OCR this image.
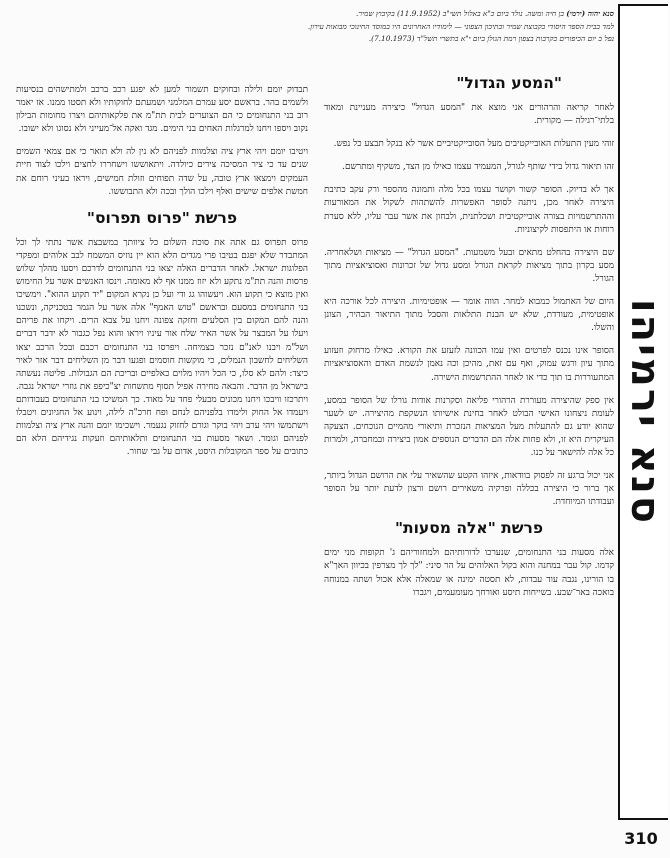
סנא יהוה (ירמי) בן חיה ומשה. נולד ביום כ"א באלול תשי"ב (11.9.1952) בקיבוץ שמיר.
למד בבית הספר היסודי בקבוצת שמיר ובתיכון הצפוני — לימודיו האחרונים היו במוסד החינוכי מבואות עירון.
נפל ב יום הכיפורים בקרבות בצפון רמת הגולן ביום י"א בתשרי תשל"ד (7.10.1973).
סנא ירמיהו
"המסע הגדול"

לאחר קריאה והרהורים אני מוצא את "המסע הגדול" כיצירה מעניינת ומאוד בלתי־רגילה — מקורית.

זוהי מעין התעלות האובייקטיבים מעל הסובייקטיביים אשר לא בנקל תבצע כל נפש.

זהו תיאור גדול בידי שותף לגורל, המעמיד עצמו כאילו מן הצד, משקיף ומתרשם.

אך לא בדיוק. הסופר קשור וקושר עצמו בכל מלה ותמונה מהספר ורק עקב כתיבת היצירה לאחר מכן, ניתנה לסופר האפשרות להשתהות לשקול את המאורעות וההתרשמויות בצורה אובייקטיבית ושכלתנית, ולבחון את אשר עבר עליו, ללא סערת רוחות או היתפסות לקיצוניות.

שם היצירה בהחלט מתאים ובעל משמעות. "המסע הגדול" — מציאות ושלאחריה. מסע בקרון בתוך מציאות לקראת הגורל ומסע גדול של זכרונות ואסוציאציות מתוך הגורל.

היום של האתמול כמבוא למחר. הווה אומר — אופטימיות. היצירה לכל אורכה היא אופטימית, מעודדת, שלא יש הבנת התלאות והסבל מתוך התיאור הבהיר, הצונן והשלו.

הסופר אינו נכנס לפרטים ואין עמו הכוונה לזעזע את הקורא. כאילו מרחוק וזעזוע מתוך עיון ורגש עמוק, ואף עם זאת, מהיכן וכה נאמן לנשמת האדם והאסוציאציות המתעוררות בו תוך כדי או לאחר ההתרשמות הישירה.

אין ספק שהיצירה מעוררת הרהורי פליאה וסקרנות אודות גורלו של הסופר במסע, לעומת ניצחונו האישי הבולט לאחר בחינת אישיותו הנשקפת מהיצירה. יש לשער שהוא יודע גם להתעלות מעל המציאות הנזכרת ותיאורי מהמיים הנוכחים. הצעקה העיקרית היא זו, ולא פחות אלה הם הדברים הנוספים אמון ביצירה ובמחברה, ולמרות כל אלה להישאר על כנו.

אני יכול ברגע זה לפסוק בוודאות, איזהו הקטע שהשאיר עלי את הרושם הגדול ביותר, אך ברור כי היצירה בכללה ופרקיה משאירים רושם ורצון לדעת יותר על הסופר ועבודתו המיוחדת.

פרשת "אלה מסעות"

אלה מסעות בני התנחומים, שנערכו לדורותיהם ולמחזוריהם ג' תקופות מני ימים קדמו. קול עבר במחנה והוא בקול האלוהים על הר סיני: "לך לך מצרפין בכיוון האך"א בו הורינו, נגבה עוד עבדות, לא תסטה ימינה או שמאלה אלא אכול ושתה במנוחה בואכה באר־שבע. בשייחות תיסע ואורחך מעומעמים, ויגברו

תבדוק יומם ולילה ובחוקים תשמור למען לא יפגע רכב ברכב ולמתישהים בנסיעות ולשמים בהר. בראשם יסע עמרם המלמני ושמעתם לחוקותיו ולא תסטו ממנו. אז יאמר רוב בני התנחומים כי הם הצוערים לבית תת"מ את פלקאותיהם ויצרו מחומות הבילון נקוב ויספו ויחנו למרגלות האחים בני הימים. מגד ואקה אל־מעייני ולא נסוגו ולא ישובו.

ויטיבו יומם ויהי ארץ ציה וצלמוות לפניהם לא נין לה ולא תואר כי אם צמאי השמים שנים עד כי ציר המסיכה צירים כיולדה. ויתאוששו וישחררו לחצים וילכו לצוד חיית העמקים וימצאו ארץ טובה, על שדה תפוחים וזולת חמישים, ויראו בעיני רוחם את חמשת אלפים שישים ואלף וילכו הולך ובכה ולא התבוששו.

פרשת "פרוס תפרוס"

פרוס תפרוס גם אתה את סוכת השלום כל ציוותך במשבצת אשר נתתי לך וכל המתבדר שלא יפגם בטיבו פרי מגדים הלא הוא יין נוזיס המשמח לבב אלוהים ומפקדי הפלוגות ישראל. לאחר הדברים האלה יצאו בני התנחומים לדרכם ויסעו מהלך שלוש פרסות והנה תת"מ נתקע ולא יזוז ממנו אף לא מאומה. וינסו האנשים אשר על החימוש ואין מוצא כי תקוע הוא. ויעשוהו גג ודי ועל כן נקרא המקום "יד תקוע ההוא". וימשיכו בני התנחומים במסעם ובראשם "טוש האמף" אלה אשר על הגמר בטכניקה, ונשכנו והנה להם המקום בין הסלעים וחזקה צפונה ויחנו על צבא הרים. ויקחו את פריהם ויעלו על המבצר על אשר האיר שלח אור עיניו ויראו והוא נפל כגבור לא ידבר דברים ושל"מ ויבנו לאנ"ם נזכר בצמיחה. ויפרסו בני התנחומים רכבם ובכל הרכב יצאו השליחים לחשבון הנמלים, כי מוקשות חוסמים ופגעו דבר מן השליחים דבר אזר לאיר כיצד: ולהם לא סלו, כי הכל ויהיו מלוים כאלפיים ובריכת הם הגבולות. פליטה נעשתה בישראל מן הדבר. והבאה מחירה אפיל תסוף מתשחות יצ"כיפפ את גוזרי ישראל נגבה. ויתרכזו וויבכו ויחנו מכונים מבעלי פחד על מאוד. כך המשיכו בני התנחומים בעבודותם ויעמדו אל החוק ולימדו בלפניהם לנחם ופח חרכ"ה לילה, וינוע אל החגיונים ויטבלו וישתמשו ויהי ערב ויהי בוקר וגורם לחזוק נגעמר. וישכימו יומם והנה ארץ ציה וצלמוות לפניהם וגומר. ושאר מסעות בני התנחומים ותלאותיהם וזעקות נגידיהם הלא הם כתובים על ספר המקובלות היסט, אדום על גבי שחור.

310
